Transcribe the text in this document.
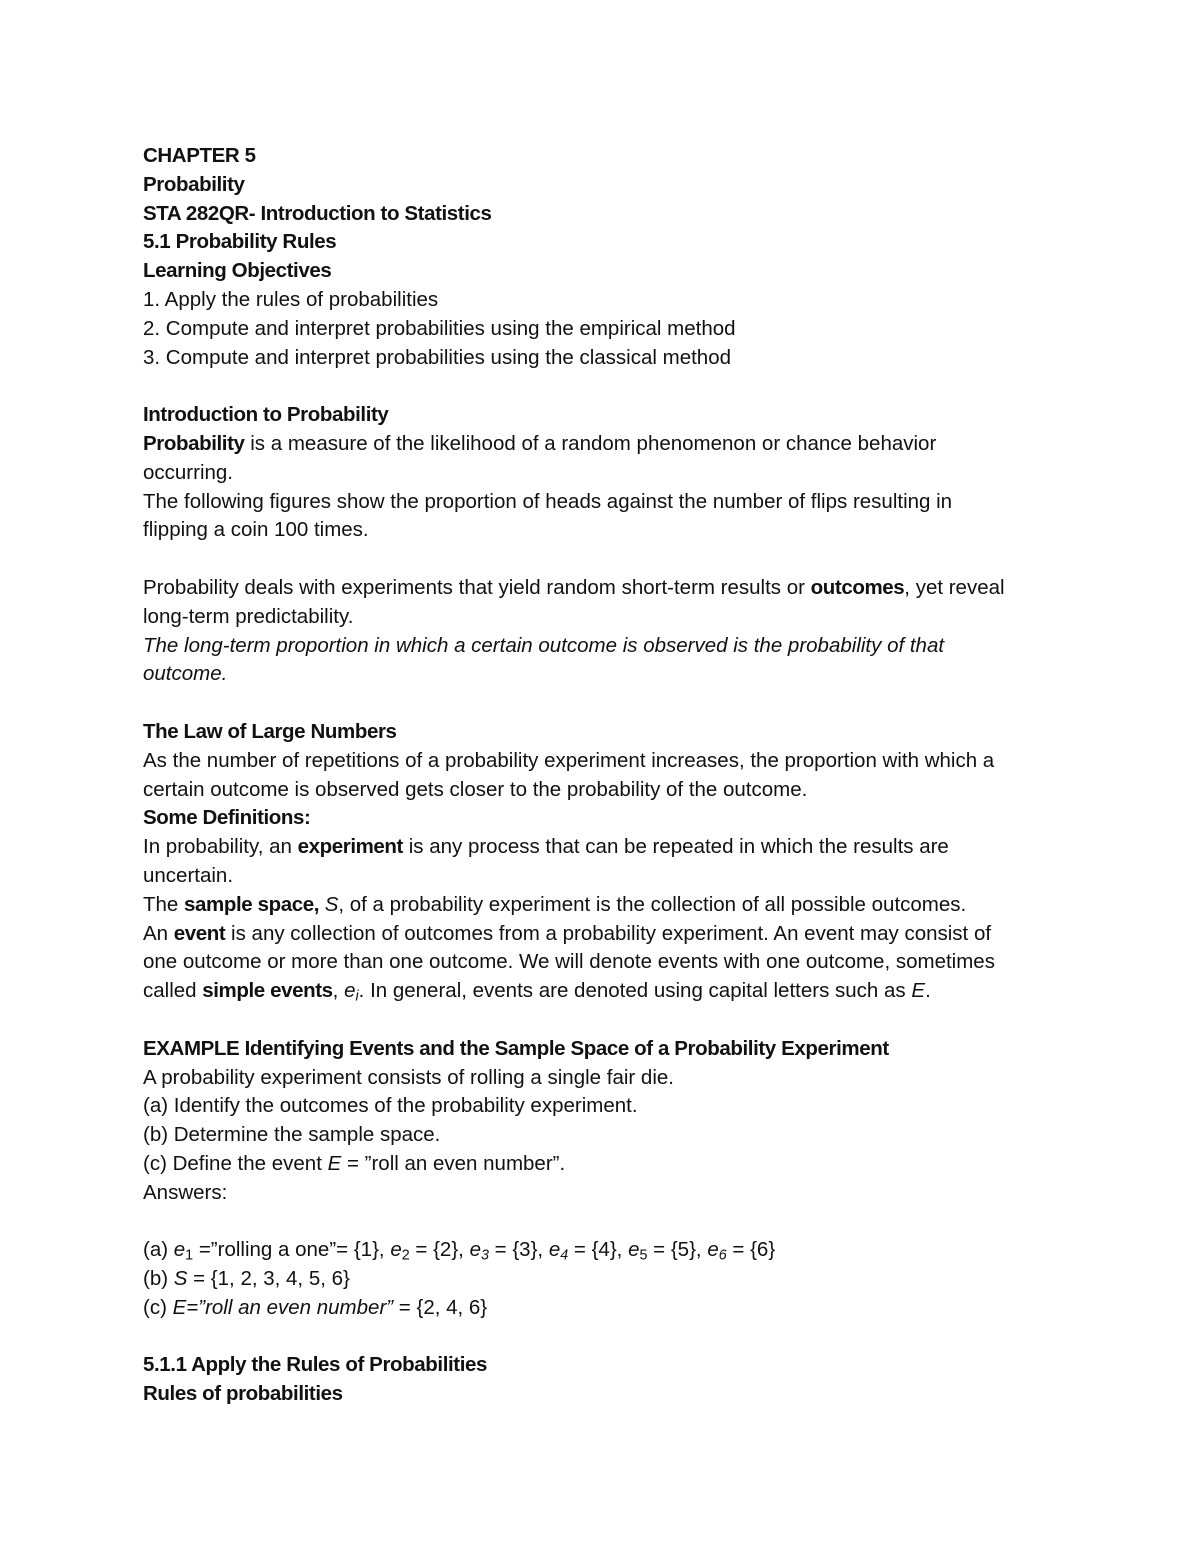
CHAPTER 5

Probability

STA 282QR- Introduction to Statistics

5.1 Probability Rules

Learning Objectives

1. Apply the rules of probabilities

2. Compute and interpret probabilities using the empirical method

3. Compute and interpret probabilities using the classical method

Introduction to Probability

Probability is a measure of the likelihood of a random phenomenon or chance behavior

occurring.

The following figures show the proportion of heads against the number of flips resulting in

flipping a coin 100 times.

Probability deals with experiments that yield random short-term results or outcomes, yet reveal

long-term predictability.

The long-term proportion in which a certain outcome is observed is the probability of that

outcome.

The Law of Large Numbers

As the number of repetitions of a probability experiment increases, the proportion with which a

certain outcome is observed gets closer to the probability of the outcome.

Some Definitions:

In probability, an experiment is any process that can be repeated in which the results are

uncertain.

The sample space, S, of a probability experiment is the collection of all possible outcomes.

An event is any collection of outcomes from a probability experiment. An event may consist of

one outcome or more than one outcome. We will denote events with one outcome, sometimes

called simple events, $e_i$. In general, events are denoted using capital letters such as E.

EXAMPLE Identifying Events and the Sample Space of a Probability Experiment

A probability experiment consists of rolling a single fair die.

(a) Identify the outcomes of the probability experiment.

(b) Determine the sample space.

(c) Define the event E = ”roll an even number”.

Answers:

(a) $e_1$ =”rolling a one”= {1}, $e_2 = \{2\}$, $e_3 = \{3\}$, $e_4 = \{4\}$, $e_5 = \{5\}$, $e_6 = \{6\}$

(b) S = {1, 2, 3, 4, 5, 6}

(c) E=”roll an even number” = {2, 4, 6}

5.1.1 Apply the Rules of Probabilities

Rules of probabilities
